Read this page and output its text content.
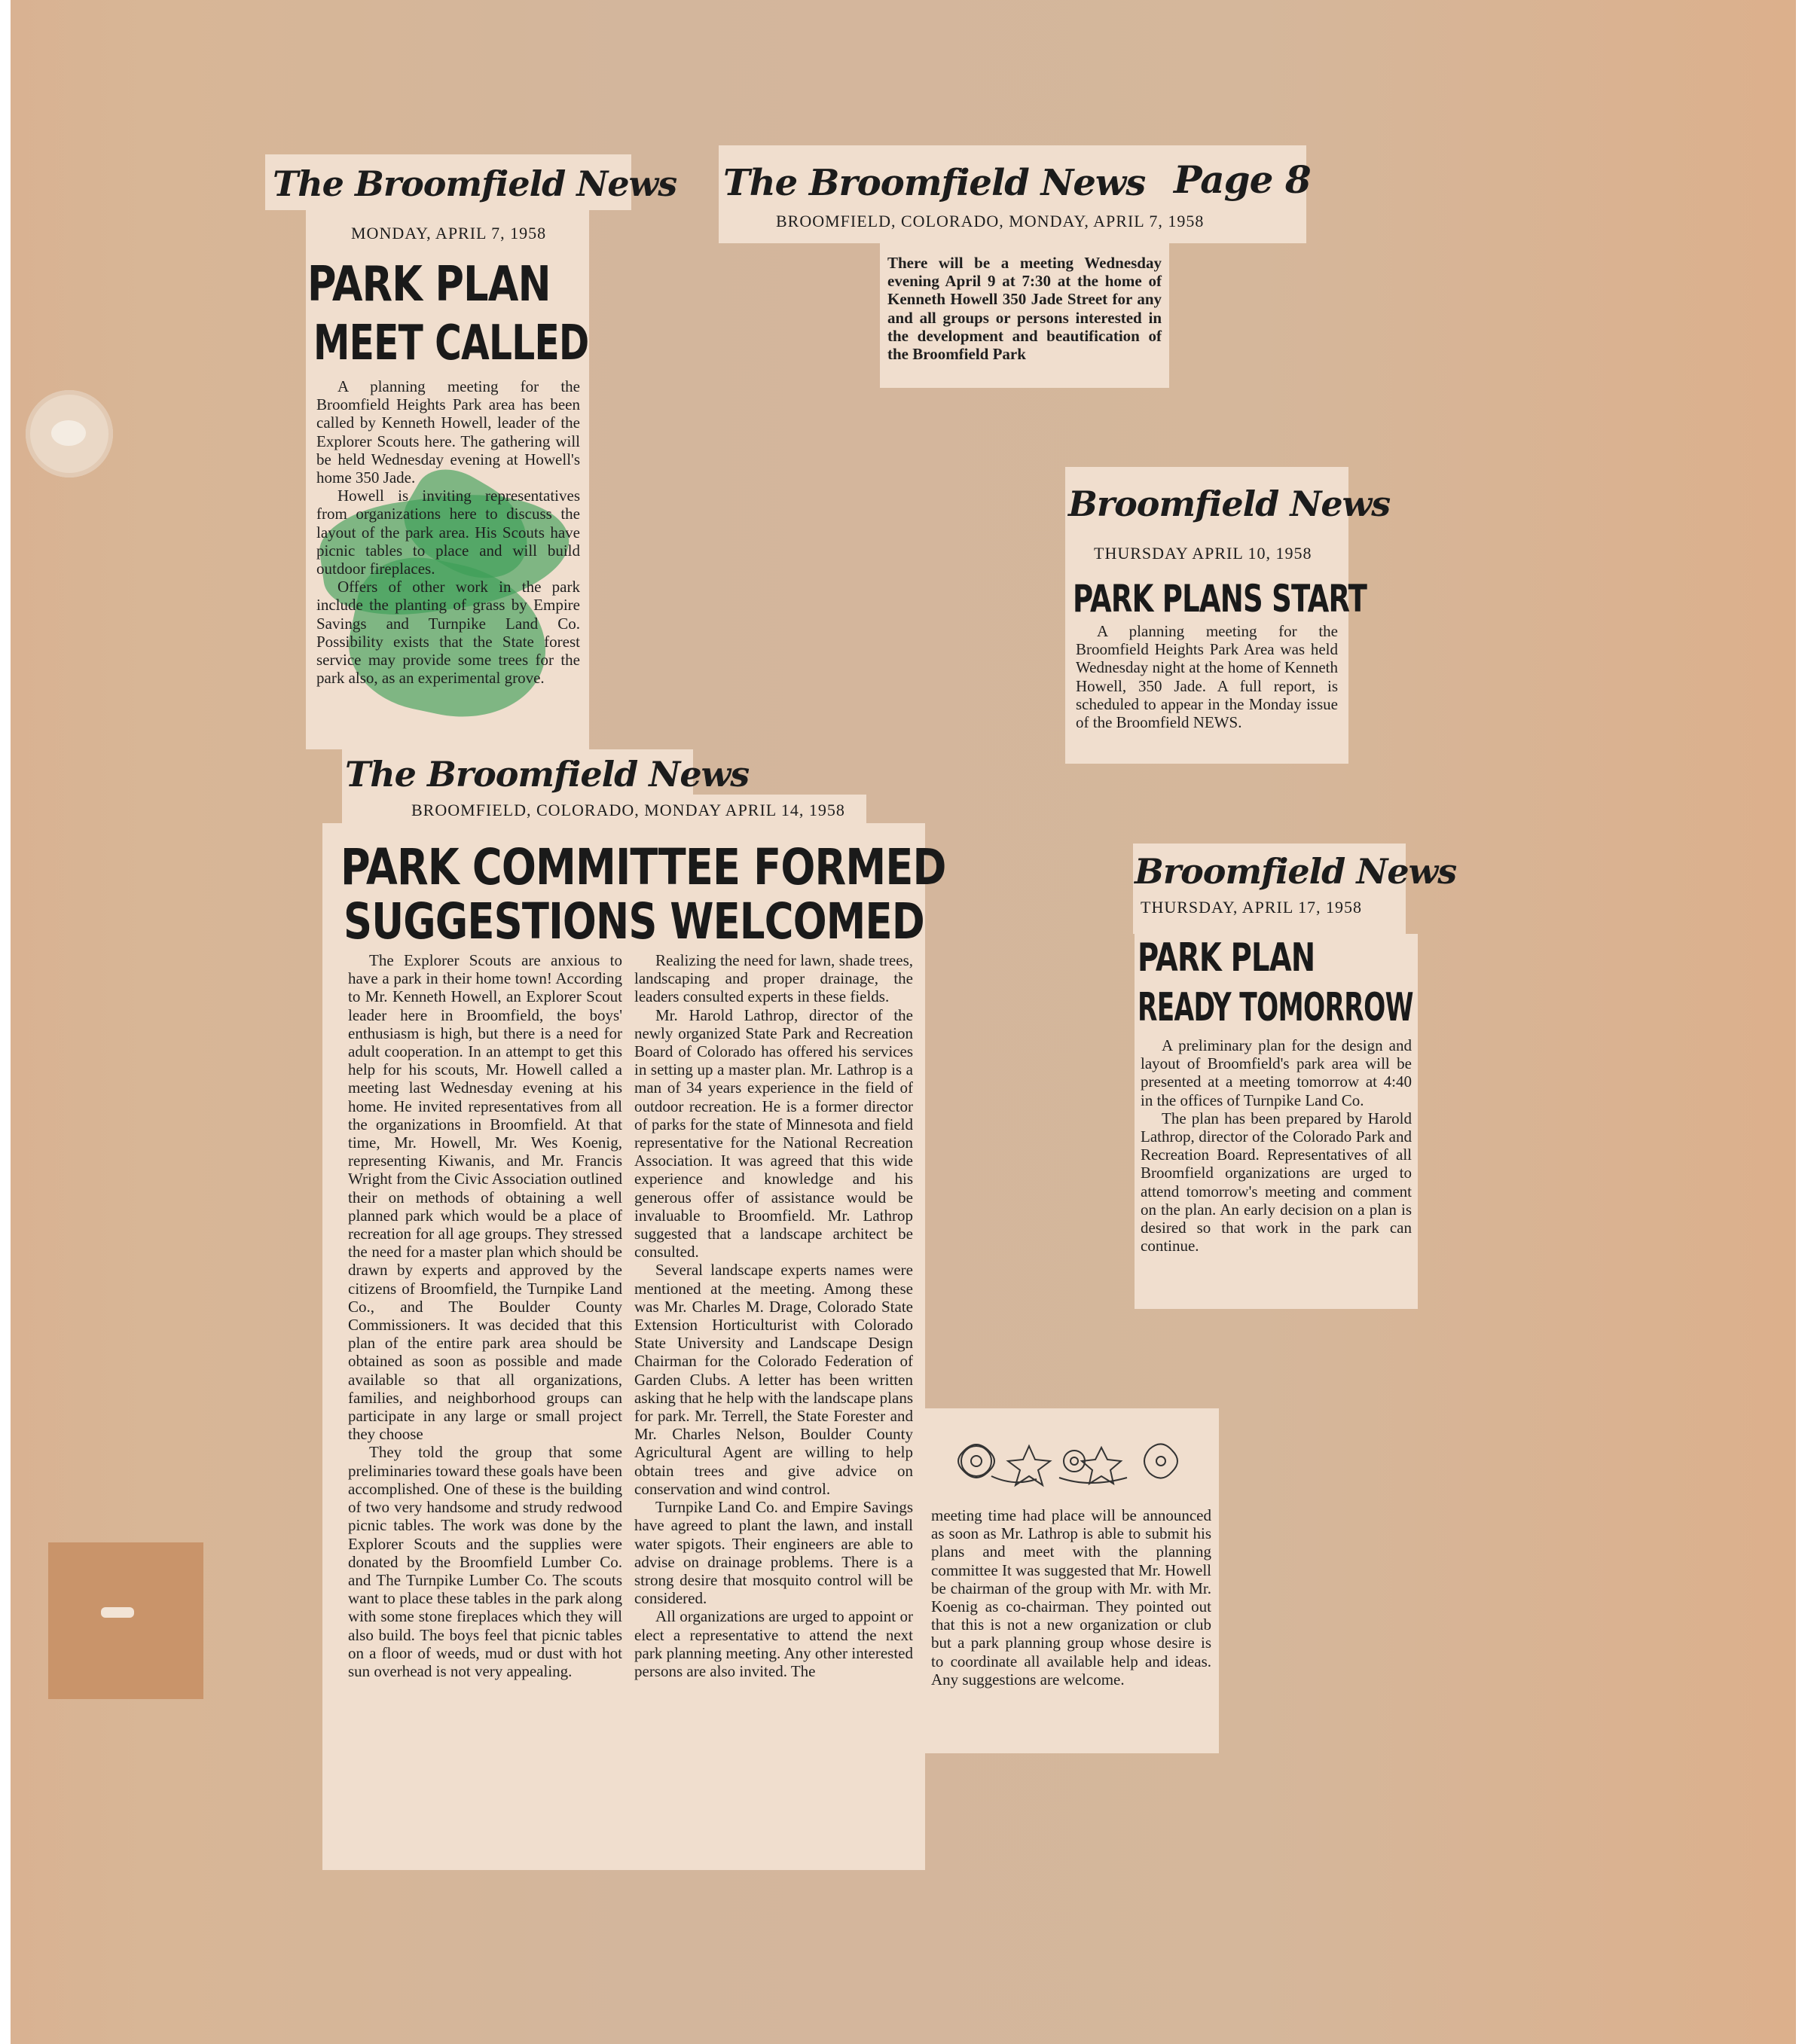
The Broomfield News
MONDAY, APRIL 7, 1958
PARK PLAN
MEET CALLED

A planning meeting for the Broomfield Heights Park area has been called by Kenneth Howell, leader of the Explorer Scouts here. The gathering will be held Wednesday evening at Howell's home 350 Jade.

Howell is inviting representatives from organizations here to discuss the layout of the park area. His Scouts have picnic tables to place and will build outdoor fireplaces.

Offers of other work in the park include the planting of grass by Empire Savings and Turnpike Land Co. Possibility exists that the State forest service may provide some trees for the park also, as an experimental grove.

The Broomfield News Page 8
BROOMFIELD, COLORADO, MONDAY, APRIL 7, 1958
There will be a meeting Wednesday evening April 9 at 7:30 at the home of Kenneth Howell 350 Jade Street for any and all groups or persons interested in the development and beautification of the Broomfield Park
Broomfield News
THURSDAY APRIL 10, 1958
PARK PLANS START
A planning meeting for the Broomfield Heights Park Area was held Wednesday night at the home of Kenneth Howell, 350 Jade. A full report, is scheduled to appear in the Monday issue of the Broomfield NEWS.
The Broomfield News
BROOMFIELD, COLORADO, MONDAY APRIL 14, 1958
PARK COMMITTEE FORMED
SUGGESTIONS WELCOMED

The Explorer Scouts are anxious to have a park in their home town! According to Mr. Kenneth Howell, an Explorer Scout leader here in Broomfield, the boys' enthusiasm is high, but there is a need for adult cooperation. In an attempt to get this help for his scouts, Mr. Howell called a meeting last Wednesday evening at his home. He invited representatives from all the organizations in Broomfield. At that time, Mr. Howell, Mr. Wes Koenig, representing Kiwanis, and Mr. Francis Wright from the Civic Association outlined their on methods of obtaining a well planned park which would be a place of recreation for all age groups. They stressed the need for a master plan which should be drawn by experts and approved by the citizens of Broomfield, the Turnpike Land Co., and The Boulder County Commissioners. It was decided that this plan of the entire park area should be obtained as soon as possible and made available so that all organizations, families, and neighborhood groups can participate in any large or small project they choose

They told the group that some preliminaries toward these goals have been accomplished. One of these is the building of two very handsome and strudy redwood picnic tables. The work was done by the Explorer Scouts and the supplies were donated by the Broomfield Lumber Co. and The Turnpike Lumber Co. The scouts want to place these tables in the park along with some stone fireplaces which they will also build. The boys feel that picnic tables on a floor of weeds, mud or dust with hot sun overhead is not very appealing.

Realizing the need for lawn, shade trees, landscaping and proper drainage, the leaders consulted experts in these fields.

Mr. Harold Lathrop, director of the newly organized State Park and Recreation Board of Colorado has offered his services in setting up a master plan. Mr. Lathrop is a man of 34 years experience in the field of outdoor recreation. He is a former director of parks for the state of Minnesota and field representative for the National Recreation Association. It was agreed that this wide experience and knowledge and his generous offer of assistance would be invaluable to Broomfield. Mr. Lathrop suggested that a landscape architect be consulted.

Several landscape experts names were mentioned at the meeting. Among these was Mr. Charles M. Drage, Colorado State Extension Horticulturist with Colorado State University and Landscape Design Chairman for the Colorado Federation of Garden Clubs. A letter has been written asking that he help with the landscape plans for park. Mr. Terrell, the State Forester and Mr. Charles Nelson, Boulder County Agricultural Agent are willing to help obtain trees and give advice on conservation and wind control.

Turnpike Land Co. and Empire Savings have agreed to plant the lawn, and install water spigots. Their engineers are able to advise on drainage problems. There is a strong desire that mosquito control will be considered.

All organizations are urged to appoint or elect a representative to attend the next park planning meeting. Any other interested persons are also invited. The

meeting time had place will be announced as soon as Mr. Lathrop is able to submit his plans and meet with the planning committee It was suggested that Mr. Howell be chairman of the group with Mr. with Mr. Koenig as co-chairman. They pointed out that this is not a new organization or club but a park planning group whose desire is to coordinate all available help and ideas. Any suggestions are welcome.
Broomfield News
THURSDAY, APRIL 17, 1958
PARK PLAN
READY TOMORROW

A preliminary plan for the design and layout of Broomfield's park area will be presented at a meeting tomorrow at 4:40 in the offices of Turnpike Land Co.

The plan has been prepared by Harold Lathrop, director of the Colorado Park and Recreation Board. Representatives of all Broomfield organizations are urged to attend tomorrow's meeting and comment on the plan. An early decision on a plan is desired so that work in the park can continue.
